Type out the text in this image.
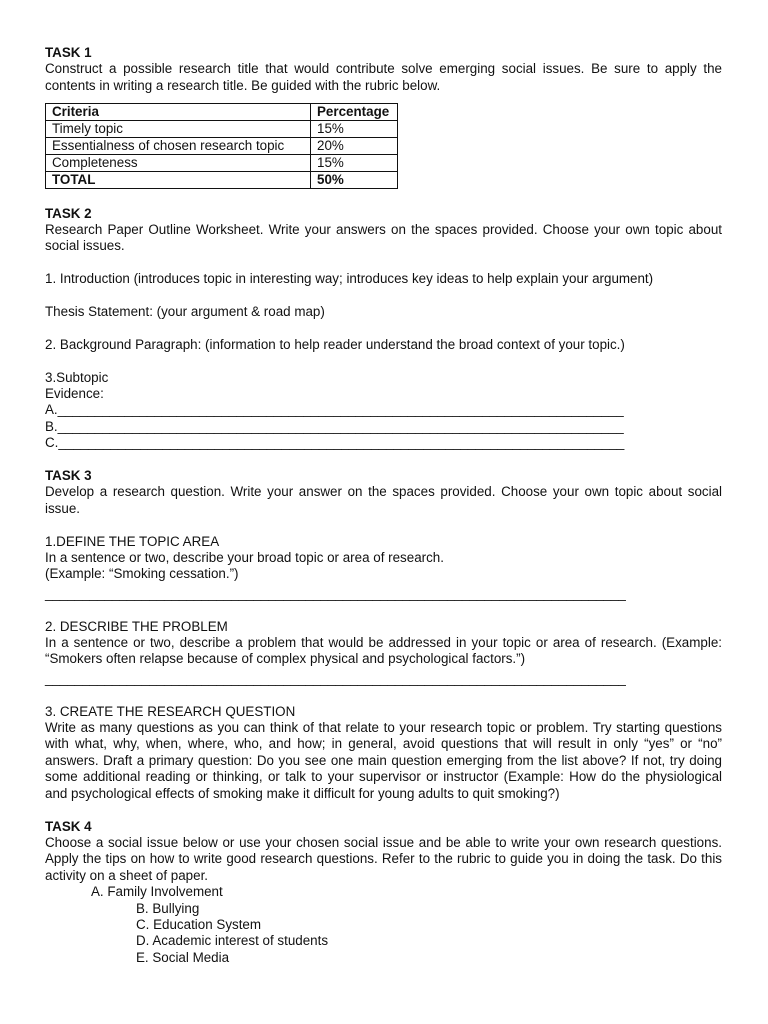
TASK 1

Construct a possible research title that would contribute solve emerging social issues. Be sure to apply the contents in writing a research title. Be guided with the rubric below.

Criteria	Percentage
Timely topic	15%
Essentialness of chosen research topic	20%
Completeness	15%
TOTAL	50%

TASK 2

Research Paper Outline Worksheet. Write your answers on the spaces provided. Choose your own topic about social issues.

1. Introduction (introduces topic in interesting way; introduces key ideas to help explain your argument)

Thesis Statement: (your argument & road map)

2. Background Paragraph: (information to help reader understand the broad context of your topic.)

3.Subtopic

Evidence:

A.____________________________________________________________________________

B.____________________________________________________________________________

C.____________________________________________________________________________

TASK 3

Develop a research question. Write your answer on the spaces provided. Choose your own topic about social issue.

1.DEFINE THE TOPIC AREA

In a sentence or two, describe your broad topic or area of research.

(Example: “Smoking cessation.”)

______________________________________________________________________________

2. DESCRIBE THE PROBLEM

In a sentence or two, describe a problem that would be addressed in your topic or area of research. (Example: “Smokers often relapse because of complex physical and psychological factors.”)

______________________________________________________________________________

3. CREATE THE RESEARCH QUESTION

Write as many questions as you can think of that relate to your research topic or problem. Try starting questions with what, why, when, where, who, and how; in general, avoid questions that will result in only “yes” or “no” answers. Draft a primary question: Do you see one main question emerging from the list above? If not, try doing some additional reading or thinking, or talk to your supervisor or instructor (Example: How do the physiological and psychological effects of smoking make it difficult for young adults to quit smoking?)

TASK 4

Choose a social issue below or use your chosen social issue and be able to write your own research questions. Apply the tips on how to write good research questions. Refer to the rubric to guide you in doing the task. Do this activity on a sheet of paper.

A. Family Involvement

B. Bullying

C. Education System

D. Academic interest of students

E. Social Media
